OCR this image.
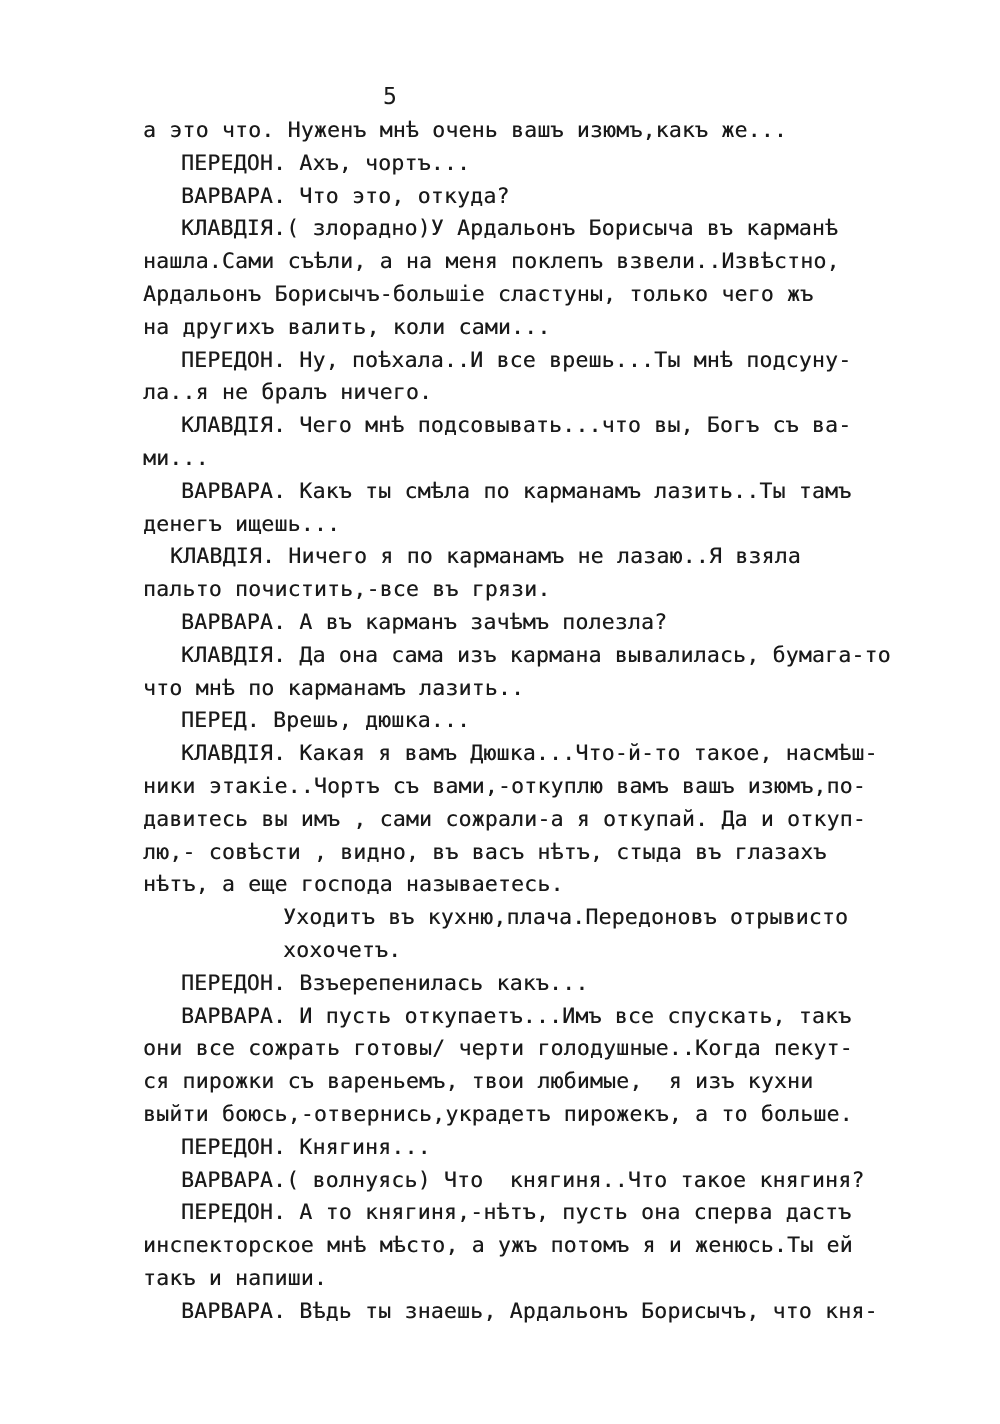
5
а это что. Нуженъ мнѣ очень вашъ изюмъ,какъ же...
ПЕРЕДОН. Ахъ, чортъ...
ВАРВАРА. Что это, откуда?
КЛАВДІЯ.( злорадно)У Ардальонъ Борисыча въ карманѣ
нашла.Сами съѣли, а на меня поклепъ взвели..Извѣстно,
Ардальонъ Борисычъ-большіе сластуны, только чего жъ
на другихъ валить, коли сами...
ПЕРЕДОН. Ну, поѣхала..И все врешь...Ты мнѣ подсуну-
ла..я не бралъ ничего.
КЛАВДІЯ. Чего мнѣ подсовывать...что вы, Богъ съ ва-
ми...
ВАРВАРА. Какъ ты смѣла по карманамъ лазить..Ты тамъ
денегъ ищешь...
КЛАВДІЯ. Ничего я по карманамъ не лазаю..Я взяла
пальто почистить,-все въ грязи.
ВАРВАРА. А въ карманъ зачѣмъ полезла?
КЛАВДІЯ. Да она сама изъ кармана вывалилась, бумага-то
что мнѣ по карманамъ лазить..
ПЕРЕД. Врешь, дюшка...
КЛАВДІЯ. Какая я вамъ Дюшка...Что-й-то такое, насмѣш-
ники этакіе..Чортъ съ вами,-откуплю вамъ вашъ изюмъ,по-
давитесь вы имъ , сами сожрали-а я откупай. Да и откуп-
лю,- совѣсти , видно, въ васъ нѣтъ, стыда въ глазахъ
нѣтъ, а еще господа называетесь.
Уходитъ въ кухню,плача.Передоновъ отрывисто
хохочетъ.
ПЕРЕДОН. Взъерепенилась какъ...
ВАРВАРА. И пусть откупаетъ...Имъ все спускать, такъ
они все сожрать готовы/ черти голодушные..Когда пекут-
ся пирожки съ вареньемъ, твои любимые,  я изъ кухни
выйти боюсь,-отвернись,украдетъ пирожекъ, а то больше.
ПЕРЕДОН. Княгиня...
ВАРВАРА.( волнуясь) Что  княгиня..Что такое княгиня?
ПЕРЕДОН. А то княгиня,-нѣтъ, пусть она сперва дастъ
инспекторское мнѣ мѣсто, а ужъ потомъ я и женюсь.Ты ей
такъ и напиши.
ВАРВАРА. Вѣдь ты знаешь, Ардальонъ Борисычъ, что кня-
